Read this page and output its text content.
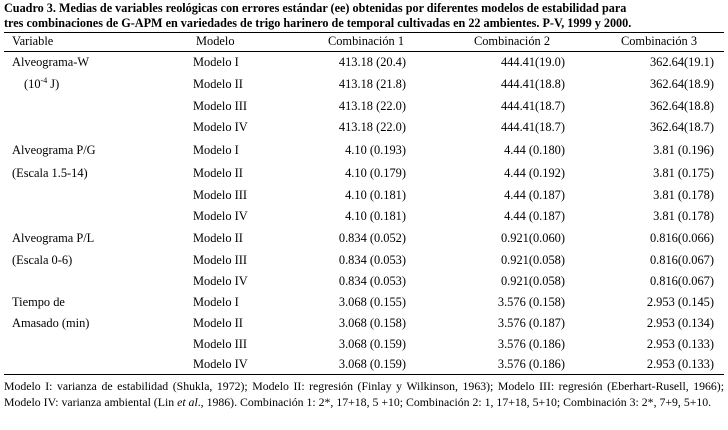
Cuadro 3. Medias de variables reológicas con errores estándar (ee) obtenidas por diferentes modelos de estabilidad para
tres combinaciones de G-APM en variedades de trigo harinero de temporal cultivadas en 22 ambientes. P-V, 1999 y 2000.
Variable	Modelo	Combinación 1	Combinación 2	Combinación 3
Alveograma-W	Modelo I	413.18 (20.4)	444.41(19.0)	362.64(19.1)
($10^{-4}$ J)	Modelo II	413.18 (21.8)	444.41(18.8)	362.64(18.9)
Modelo III	413.18 (22.0)	444.41(18.7)	362.64(18.8)
Modelo IV	413.18 (22.0)	444.41(18.7)	362.64(18.7)
Alveograma P/G	Modelo I	4.10 (0.193)	4.44 (0.180)	3.81 (0.196)
(Escala 1.5-14)	Modelo II	4.10 (0.179)	4.44 (0.192)	3.81 (0.175)
Modelo III	4.10 (0.181)	4.44 (0.187)	3.81 (0.178)
Modelo IV	4.10 (0.181)	4.44 (0.187)	3.81 (0.178)
Alveograma P/L	Modelo II	0.834 (0.052)	0.921(0.060)	0.816(0.066)
(Escala 0-6)	Modelo III	0.834 (0.053)	0.921(0.058)	0.816(0.067)
Modelo IV	0.834 (0.053)	0.921(0.058)	0.816(0.067)
Tiempo de	Modelo I	3.068 (0.155)	3.576 (0.158)	2.953 (0.145)
Amasado (min)	Modelo II	3.068 (0.158)	3.576 (0.187)	2.953 (0.134)
Modelo III	3.068 (0.159)	3.576 (0.186)	2.953 (0.133)
Modelo IV	3.068 (0.159)	3.576 (0.186)	2.953 (0.133)
Modelo I: varianza de estabilidad (Shukla, 1972); Modelo II: regresión (Finlay y Wilkinson, 1963); Modelo III: regresión (Eberhart-Rusell, 1966); Modelo IV: varianza ambiental (Lin et al., 1986). Combinación 1: 2*, 17+18, 5 +10; Combinación 2: 1, 17+18, 5+10; Combinación 3: 2*, 7+9, 5+10.
